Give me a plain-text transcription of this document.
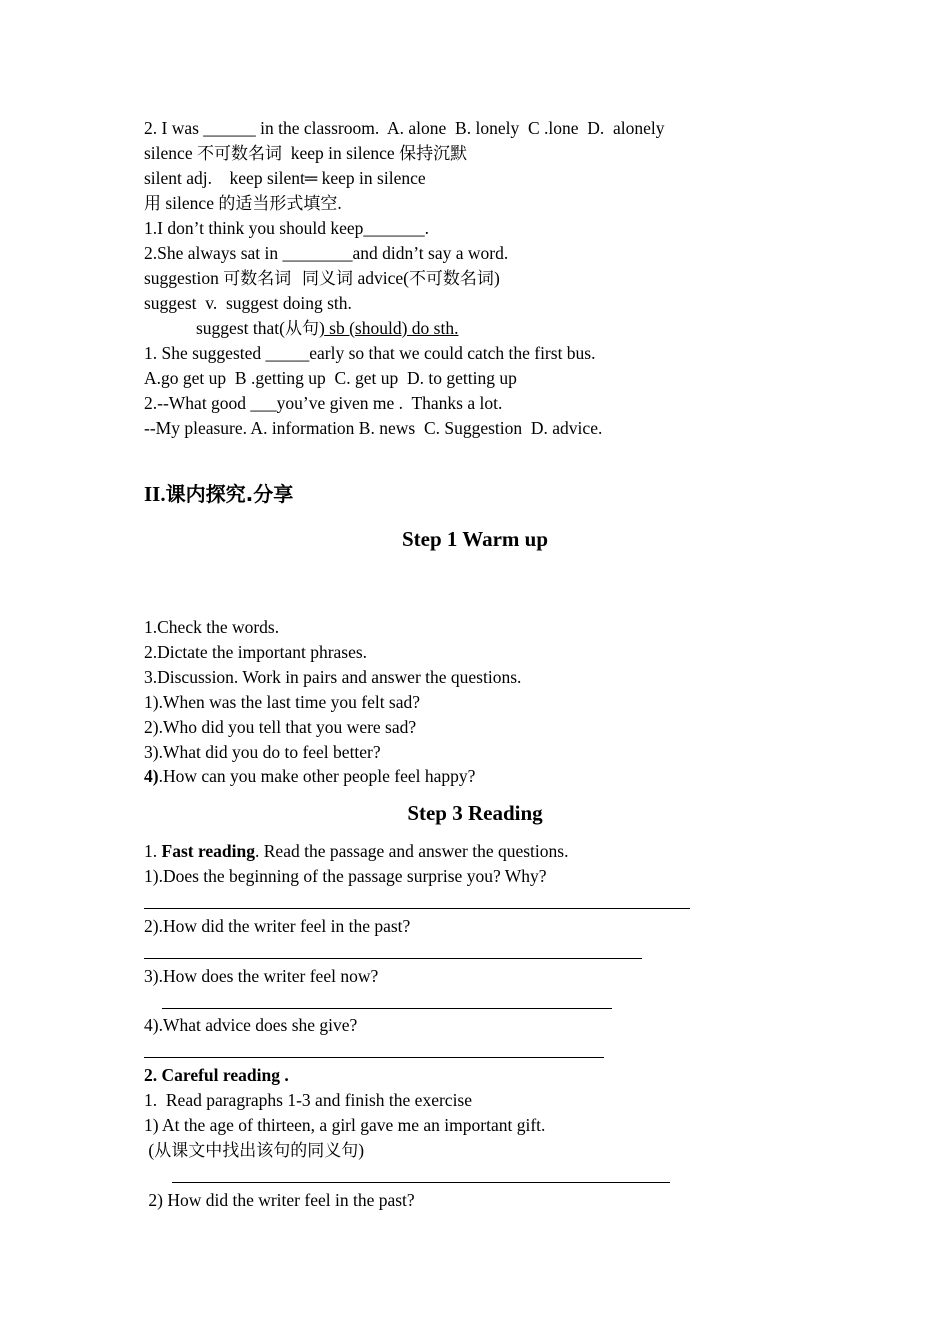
2. I was ______ in the classroom.  A. alone  B. lonely  C .lone  D.  alonely
silence 不可数名词  keep in silence 保持沉默
silent adj.    keep silent═ keep in silence
用 silence 的适当形式填空.
1.I don’t think you should keep_______.
2.She always sat in ________and didn’t say a word.
suggestion 可数名词  同义词 advice(不可数名词)
suggest  v.  suggest doing sth.
suggest that(从句) sb (should) do sth.
1. She suggested _____early so that we could catch the first bus.
A.go get up  B .getting up  C. get up  D. to getting up
2.--What good ___you’ve given me .  Thanks a lot.
--My pleasure. A. information B. news  C. Suggestion  D. advice.
II.课内探究.分享
Step 1 Warm up
1.Check the words.
2.Dictate the important phrases.
3.Discussion. Work in pairs and answer the questions.
1).When was the last time you felt sad?
2).Who did you tell that you were sad?
3).What did you do to feel better?
4).How can you make other people feel happy?
Step 3 Reading
1. Fast reading. Read the passage and answer the questions.
1).Does the beginning of the passage surprise you? Why?
2).How did the writer feel in the past?
3).How does the writer feel now?
4).What advice does she give?
2. Careful reading .
1.  Read paragraphs 1-3 and finish the exercise
1) At the age of thirteen, a girl gave me an important gift.
(从课文中找出该句的同义句)
2) How did the writer feel in the past?
